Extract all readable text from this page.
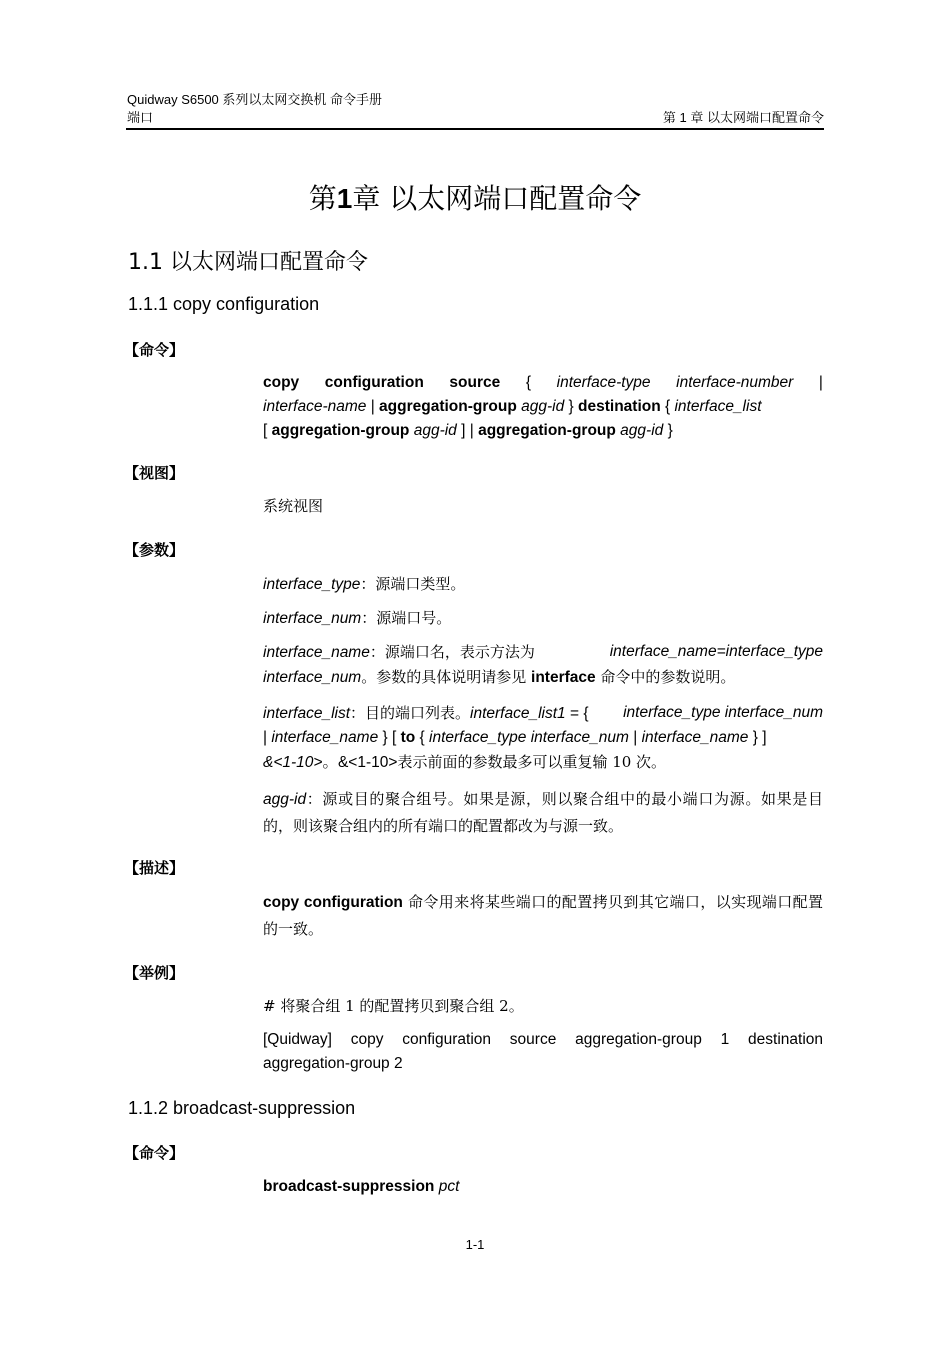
Quidway S6500 系列以太网交换机 命令手册
端口	第 1 章 以太网端口配置命令
第1章 以太网端口配置命令
1.1 以太网端口配置命令
1.1.1 copy configuration
【命令】
copy configuration source { interface-type interface-number |
interface-name | aggregation-group agg-id } destination { interface_list
[ aggregation-group agg-id ] | aggregation-group agg-id }
【视图】
系统视图
【参数】
interface_type：源端口类型。
interface_num：源端口号。
interface_name：源端口名，表示方法为	interface_name=interface_type
interface_num。参数的具体说明请参见 interface 命令中的参数说明。
interface_list：目的端口列表。interface_list1 = { interface_type interface_num
| interface_name } [ to { interface_type interface_num | interface_name } ]
&<1-10>。&<1-10>表示前面的参数最多可以重复输 10 次。
agg-id：源或目的聚合组号。如果是源，则以聚合组中的最小端口为源。如果是目的，则该聚合组内的所有端口的配置都改为与源一致。
【描述】
copy configuration 命令用来将某些端口的配置拷贝到其它端口，以实现端口配置的一致。
【举例】
# 将聚合组 1 的配置拷贝到聚合组 2。
[Quidway] copy configuration source aggregation-group 1 destination aggregation-group 2
1.1.2 broadcast-suppression
【命令】
broadcast-suppression pct
1-1
